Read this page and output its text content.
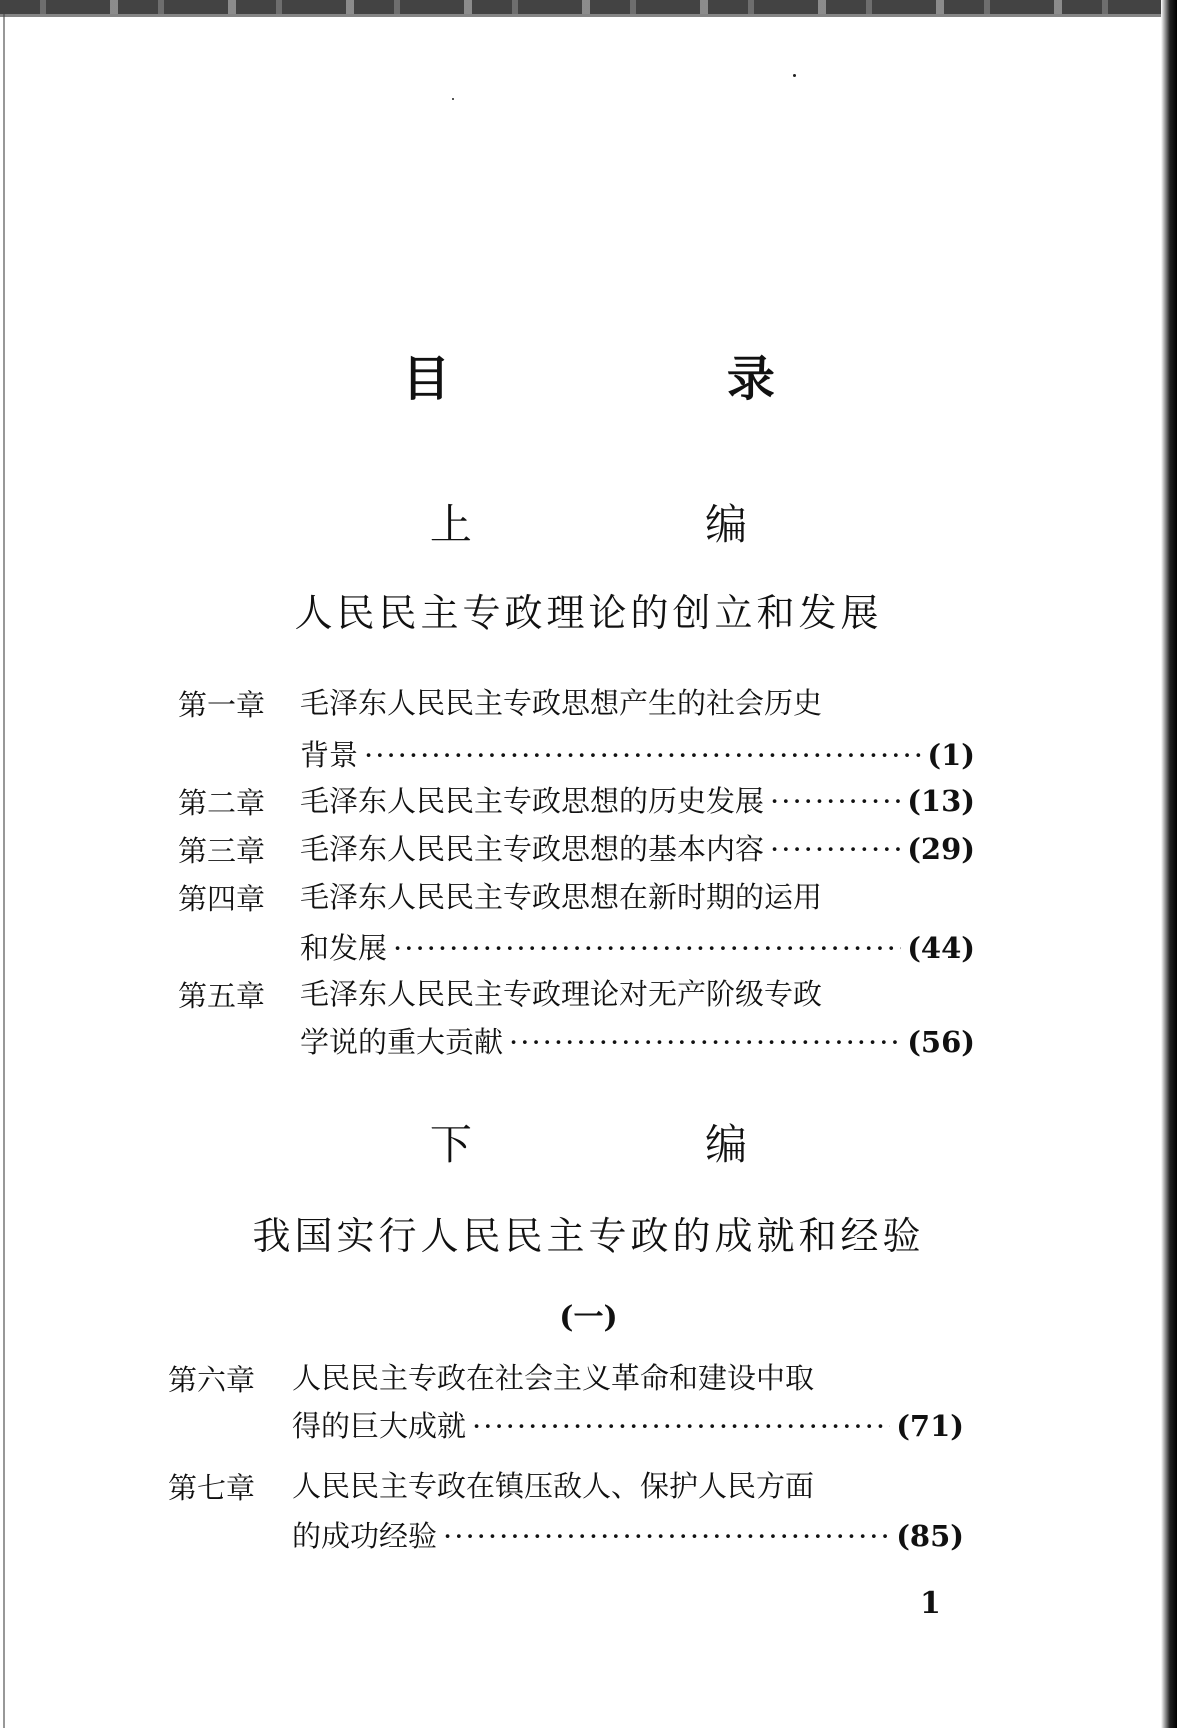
目 录
上 编
人民民主专政理论的创立和发展
第一章 毛泽东人民民主专政思想产生的社会历史
背景 ·····	(1)
第二章 毛泽东人民民主专政思想的历史发展 ·····	(13)
第三章 毛泽东人民民主专政思想的基本内容 ·····	(29)
第四章 毛泽东人民民主专政思想在新时期的运用
和发展 ·····	(44)
第五章 毛泽东人民民主专政理论对无产阶级专政
学说的重大贡献 ·····	(56)
下 编
我国实行人民民主专政的成就和经验
(一)
第六章 人民民主专政在社会主义革命和建设中取
得的巨大成就 ·····	(71)
第七章 人民民主专政在镇压敌人、保护人民方面
的成功经验 ·····	(85)
1
